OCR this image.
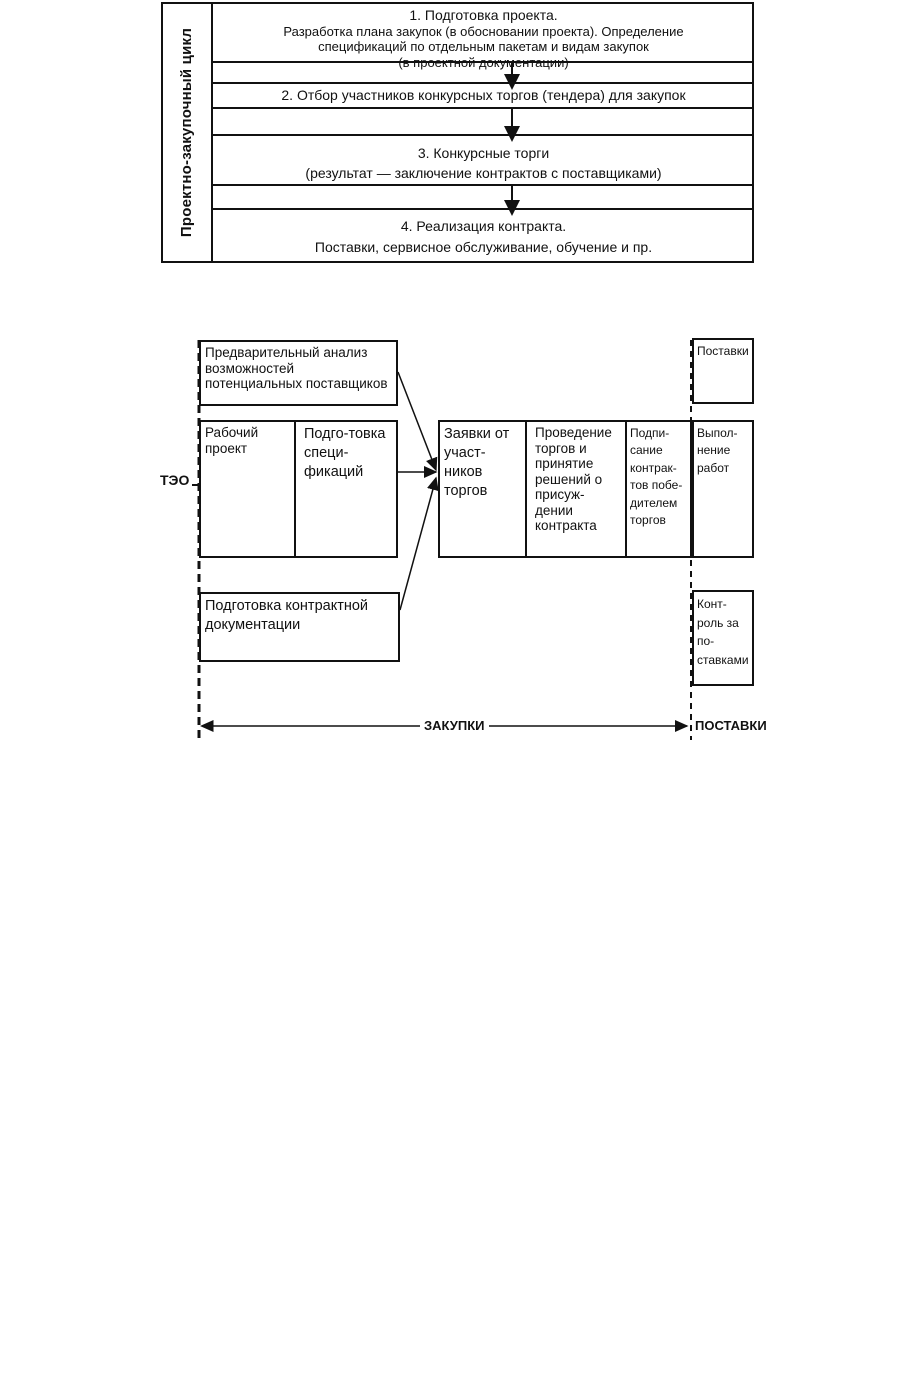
Проектно-закупочный цикл
1. Подготовка проекта.
Разработка плана закупок (в обосновании проекта). Определение
спецификаций по отдельным пакетам и видам закупок
(в проектной документации)
2. Отбор участников конкурсных торгов (тендера) для закупок
3. Конкурсные торги
(результат — заключение контрактов с поставщиками)
4. Реализация контракта.
Поставки, сервисное обслуживание, обучение и пр.
Предварительный анализ возможностей потенциальных поставщиков
Рабочий проект
Подго-товка специ-фикаций
Подготовка контрактной документации
Заявки от участ-ников торгов
Проведение торгов и принятие решений о присуж-дении контракта
Подпи-сание контрак-тов побе-дителем торгов
Поставки
Выпол-нение работ
Конт-роль за по-ставками
ТЭО
ЗАКУПКИ	ПОСТАВКИ
